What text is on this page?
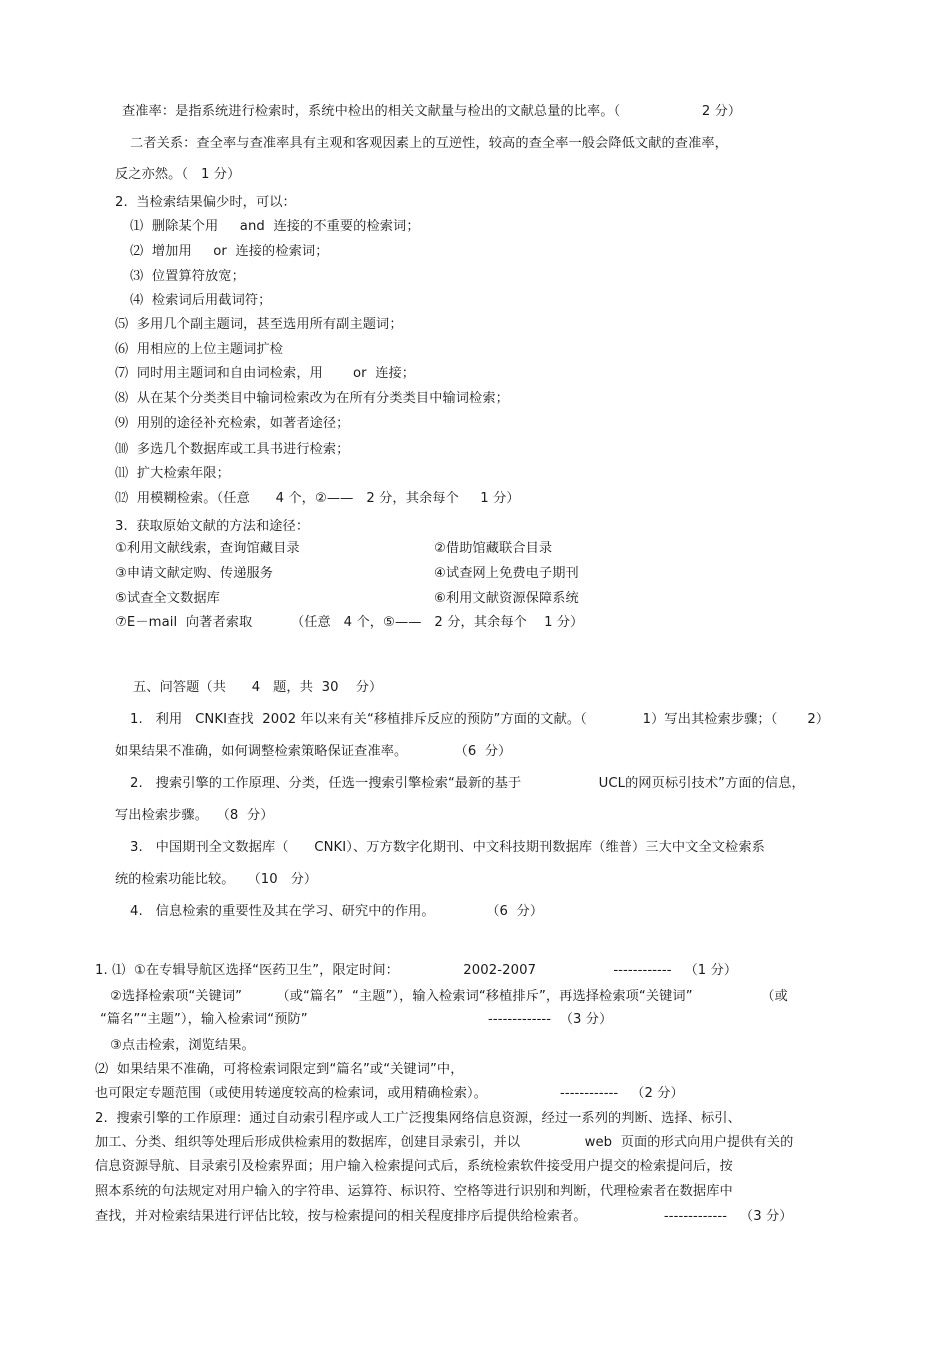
查准率：是指系统进行检索时，系统中检出的相关文献量与检出的文献总量的比率。（                   2 分）
二者关系：查全率与查准率具有主观和客观因素上的互逆性，较高的查全率一般会降低文献的查准率，
反之亦然。（   1 分）
2.  当检索结果偏少时，可以：
⑴  删除某个用     and  连接的不重要的检索词；
⑵  增加用     or  连接的检索词；
⑶  位置算符放宽；
⑷  检索词后用截词符；
⑸  多用几个副主题词，甚至选用所有副主题词；
⑹  用相应的上位主题词扩检
⑺  同时用主题词和自由词检索，用       or  连接；
⑻  从在某个分类类目中输词检索改为在所有分类类目中输词检索；
⑼  用别的途径补充检索，如著者途径；
⑽  多选几个数据库或工具书进行检索；
⑾  扩大检索年限；
⑿  用模糊检索。（任意      4 个，②——   2 分，其余每个     1 分）
3.  获取原始文献的方法和途径：
①利用文献线索，查询馆藏目录	②借助馆藏联合目录
③申请文献定购、传递服务	④试查网上免费电子期刊
⑤试查全文数据库	⑥利用文献资源保障系统
⑦E－mail  向著者索取         （任意   4 个，⑤——   2 分，其余每个    1 分）
五、问答题（共      4   题，共  30    分）
1.   利用   CNKI查找  2002 年以来有关“移植排斥反应的预防”方面的文献。（             1）写出其检索步骤；（       2）
如果结果不准确，如何调整检索策略保证查准率。           （6  分）
2.   搜索引擎的工作原理、分类，任选一搜索引擎检索“最新的基于                  UCL的网页标引技术”方面的信息，
写出检索步骤。  （8  分）
3.   中国期刊全文数据库（      CNKI）、万方数字化期刊、中文科技期刊数据库（维普）三大中文全文检索系
统的检索功能比较。   （10   分）
4.   信息检索的重要性及其在学习、研究中的作用。            （6  分）
1. ⑴  ①在专辑导航区选择“医药卫生”，限定时间：               2002-2007                  ------------   （1 分）
②选择检索项“关键词”        （或“篇名”  “主题”），输入检索词“移植排斥”，再选择检索项“关键词”                （或
“篇名”“主题”），输入检索词“预防”                                          -------------  （3 分）
③点击检索，浏览结果。
⑵  如果结果不准确，可将检索词限定到“篇名”或“关键词”中，
也可限定专题范围（或使用转递度较高的检索词，或用精确检索）。                 ------------   （2 分）
2.  搜索引擎的工作原理：通过自动索引程序或人工广泛搜集网络信息资源，经过一系列的判断、选择、标引、
加工、分类、组织等处理后形成供检索用的数据库，创建目录索引，并以               web  页面的形式向用户提供有关的
信息资源导航、目录索引及检索界面；用户输入检索提问式后，系统检索软件接受用户提交的检索提问后，按
照本系统的句法规定对用户输入的字符串、运算符、标识符、空格等进行识别和判断，代理检索者在数据库中
查找，并对检索结果进行评估比较，按与检索提问的相关程度排序后提供给检索者。                  -------------   （3 分）
